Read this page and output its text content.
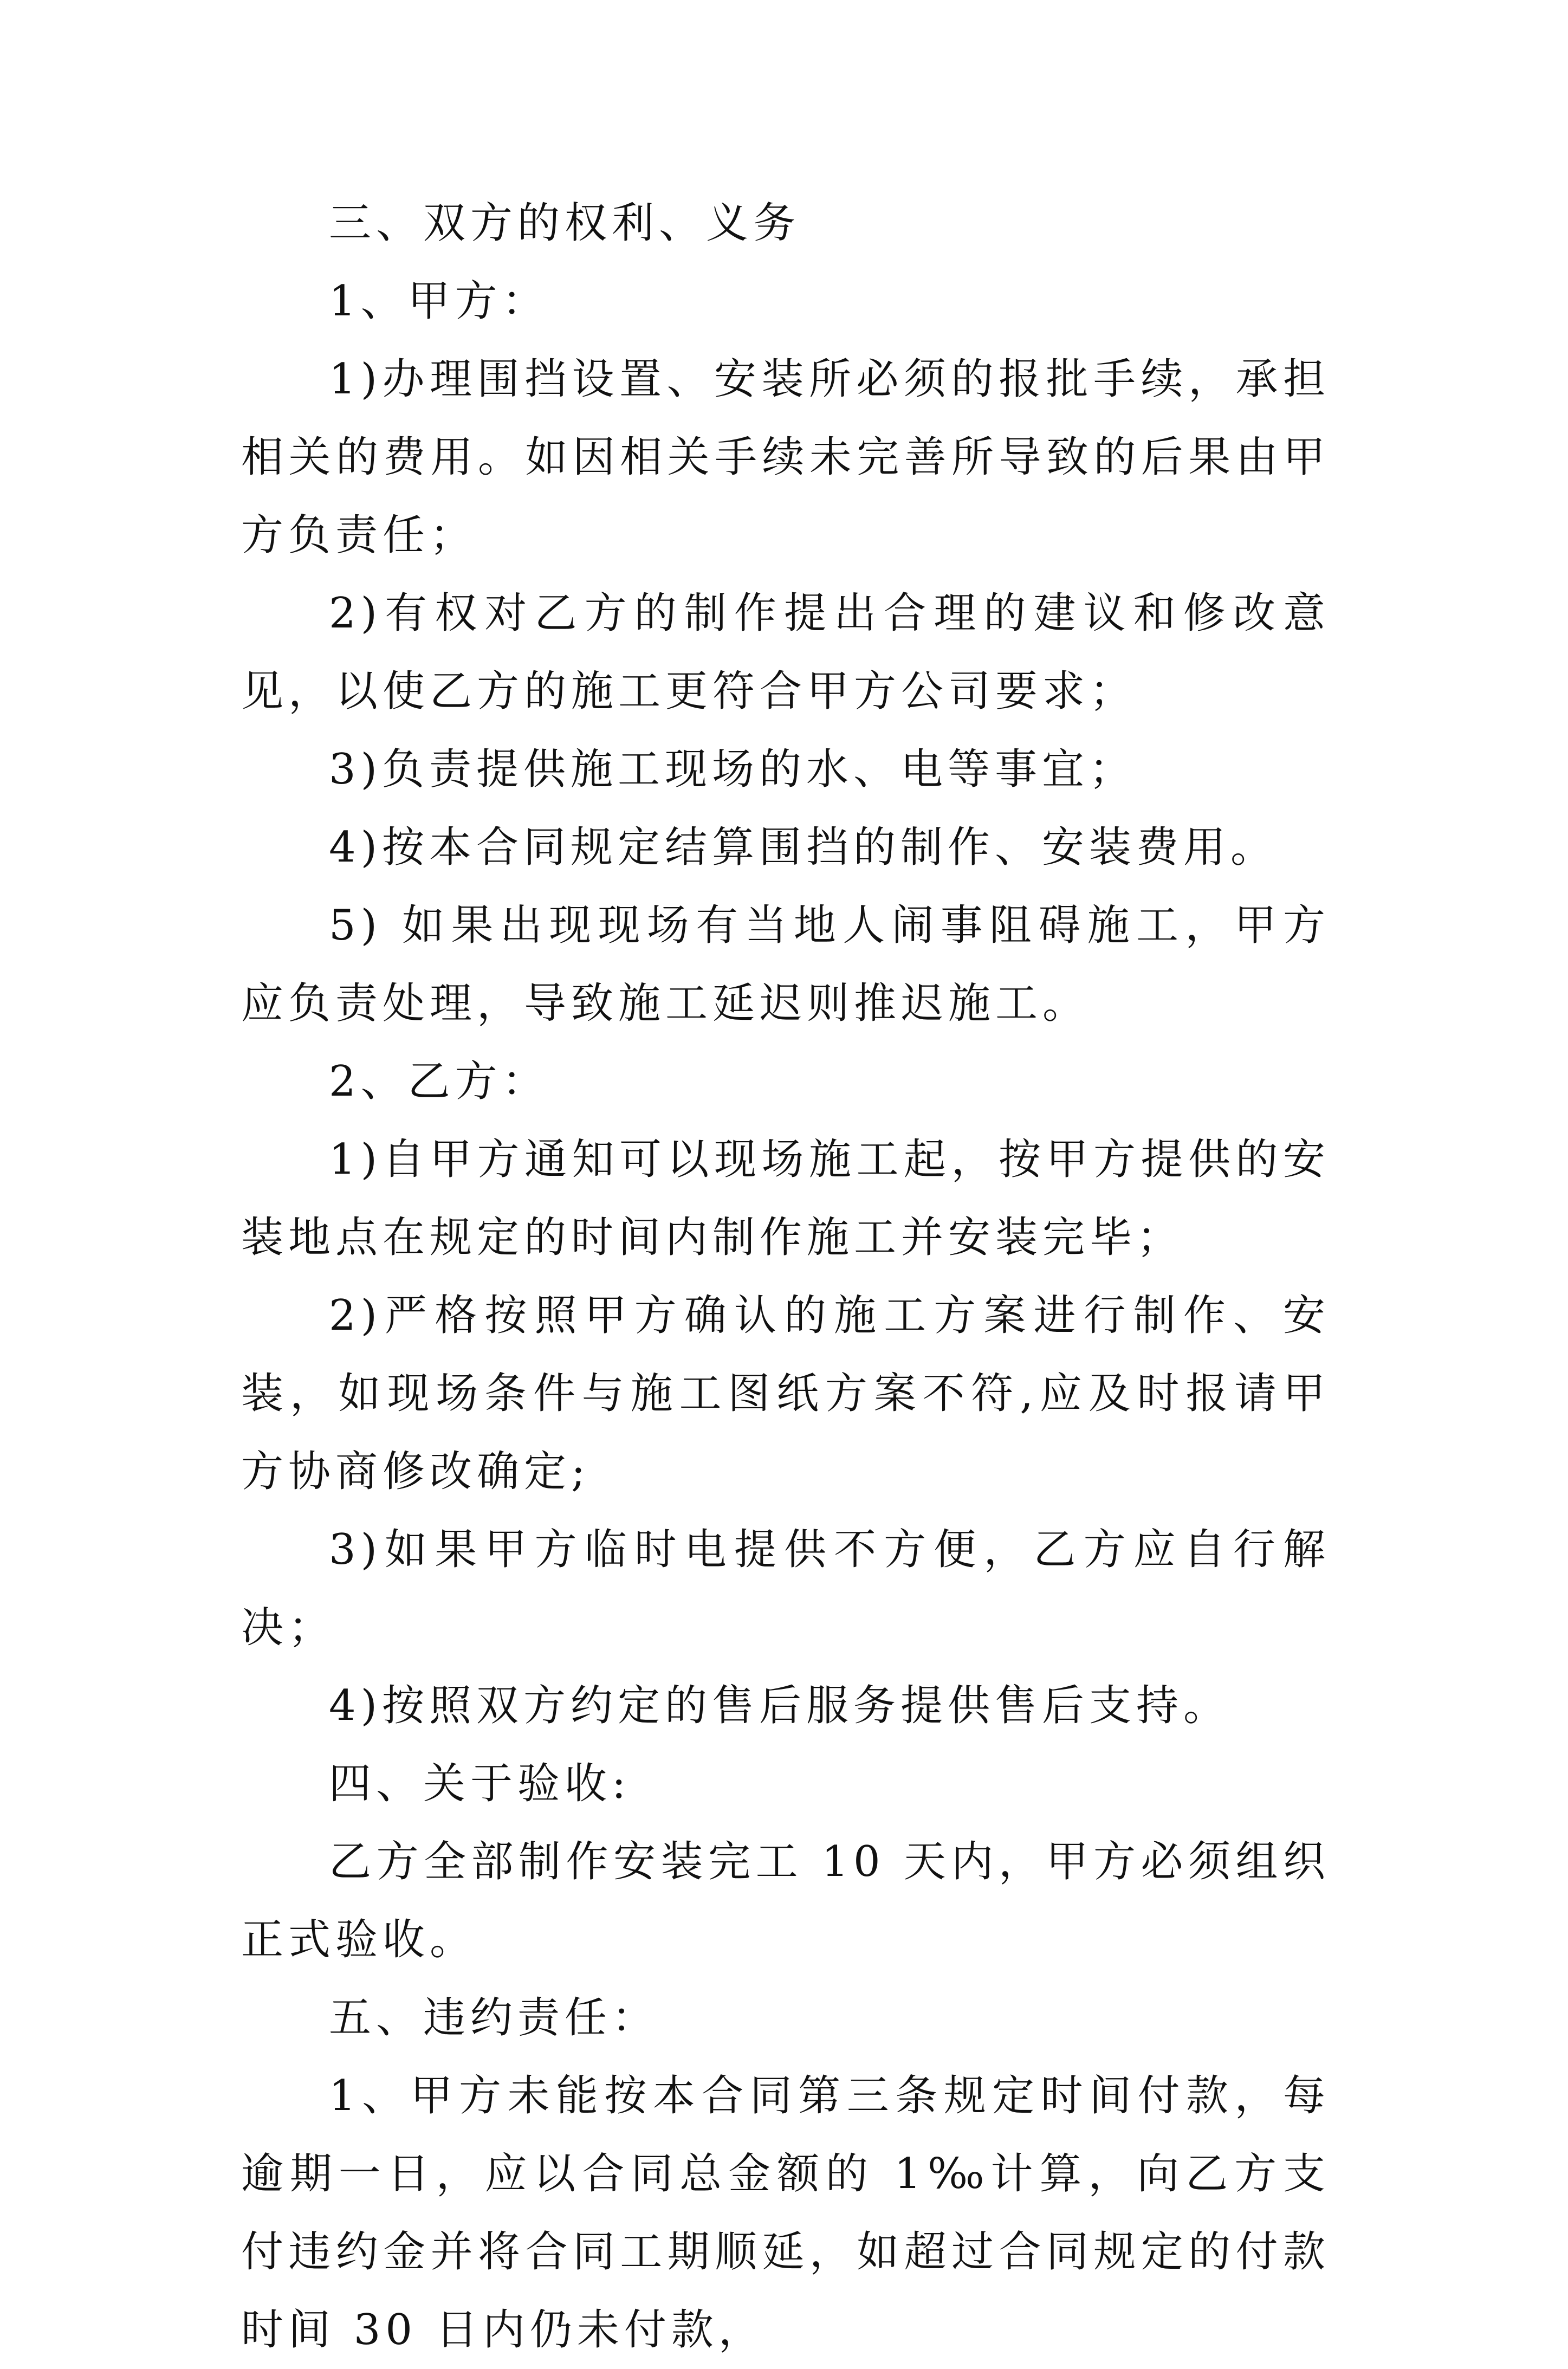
三、双方的权利、义务

1、甲方：

1)办理围挡设置、安装所必须的报批手续，承担相关的费用。如因相关手续未完善所导致的后果由甲方负责任；

2)有权对乙方的制作提出合理的建议和修改意见，以使乙方的施工更符合甲方公司要求；

3)负责提供施工现场的水、电等事宜；

4)按本合同规定结算围挡的制作、安装费用。

5) 如果出现现场有当地人闹事阻碍施工，甲方应负责处理，导致施工延迟则推迟施工。

2、乙方：

1)自甲方通知可以现场施工起，按甲方提供的安装地点在规定的时间内制作施工并安装完毕；

2)严格按照甲方确认的施工方案进行制作、安装，如现场条件与施工图纸方案不符,应及时报请甲方协商修改确定;

3)如果甲方临时电提供不方便，乙方应自行解决；

4)按照双方约定的售后服务提供售后支持。

四、关于验收:

乙方全部制作安装完工 10 天内，甲方必须组织正式验收。

五、违约责任：

1、甲方未能按本合同第三条规定时间付款，每逾期一日，应以合同总金额的 1‰计算，向乙方支付违约金并将合同工期顺延，如超过合同规定的付款时间 30 日内仍未付款，
